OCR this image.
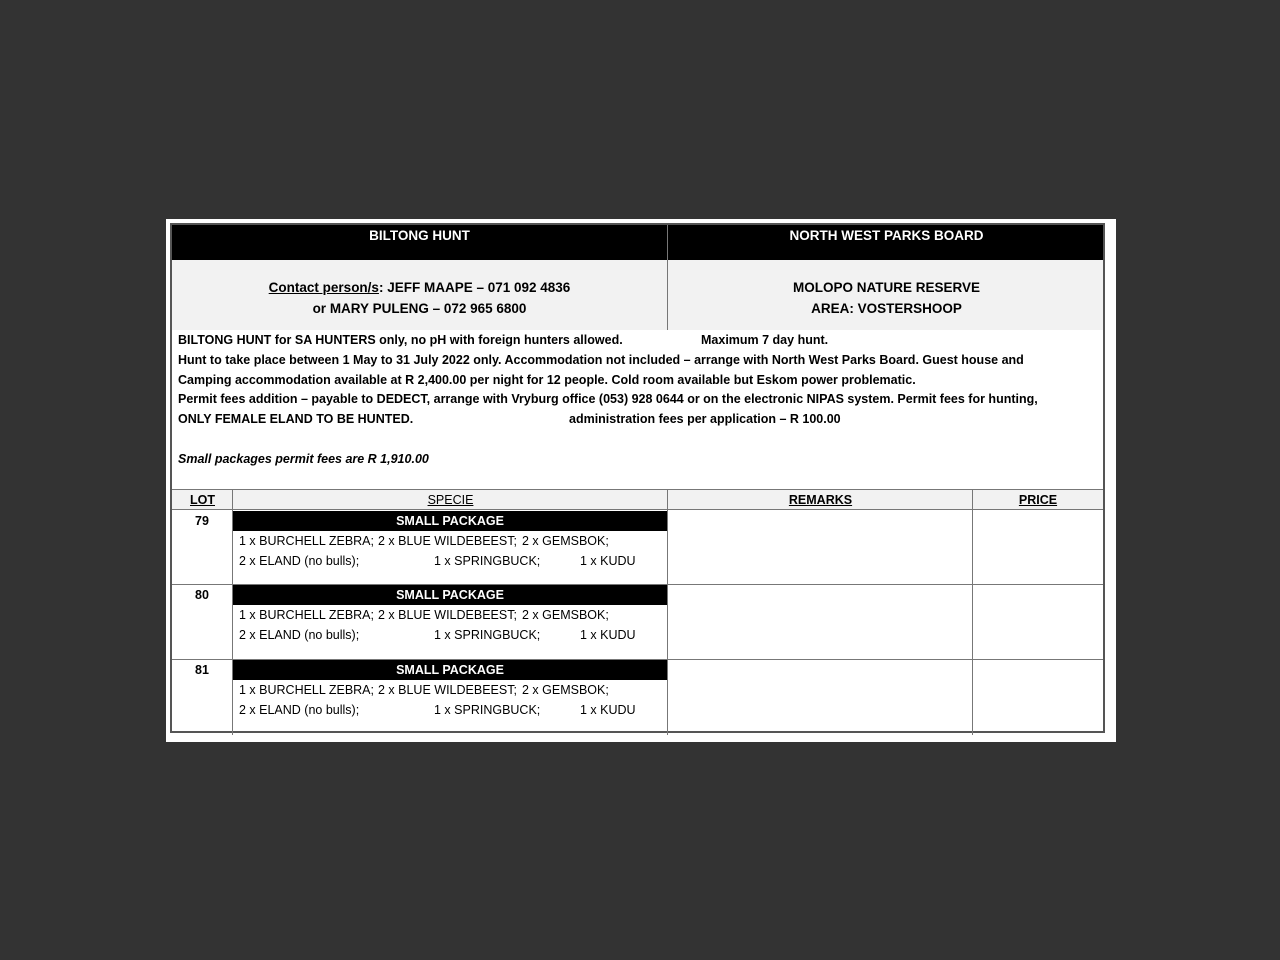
BILTONG HUNT	NORTH WEST PARKS BOARD
Contact person/s: JEFF MAAPE – 071 092 4836
or MARY PULENG – 072 965 6800
MOLOPO NATURE RESERVE
AREA: VOSTERSHOOP
BILTONG HUNT for SA HUNTERS only, no pH with foreign hunters allowed.	Maximum 7 day hunt.
Hunt to take place between 1 May to 31 July 2022 only. Accommodation not included – arrange with North West Parks Board. Guest house and
Camping accommodation available at R 2,400.00 per night for 12 people. Cold room available but Eskom power problematic.
Permit fees addition – payable to DEDECT, arrange with Vryburg office (053) 928 0644 or on the electronic NIPAS system. Permit fees for hunting,
ONLY FEMALE ELAND TO BE HUNTED.	administration fees per application – R 100.00
Small packages permit fees are R 1,910.00
LOT	SPECIE	REMARKS	PRICE
79	SMALL PACKAGE
1 x BURCHELL ZEBRA; 2 x BLUE WILDEBEEST; 2 x GEMSBOK;
2 x ELAND (no bulls);	1 x SPRINGBUCK;	1 x KUDU
80	SMALL PACKAGE
1 x BURCHELL ZEBRA; 2 x BLUE WILDEBEEST; 2 x GEMSBOK;
2 x ELAND (no bulls);	1 x SPRINGBUCK;	1 x KUDU
81	SMALL PACKAGE
1 x BURCHELL ZEBRA; 2 x BLUE WILDEBEEST; 2 x GEMSBOK;
2 x ELAND (no bulls);	1 x SPRINGBUCK;	1 x KUDU
